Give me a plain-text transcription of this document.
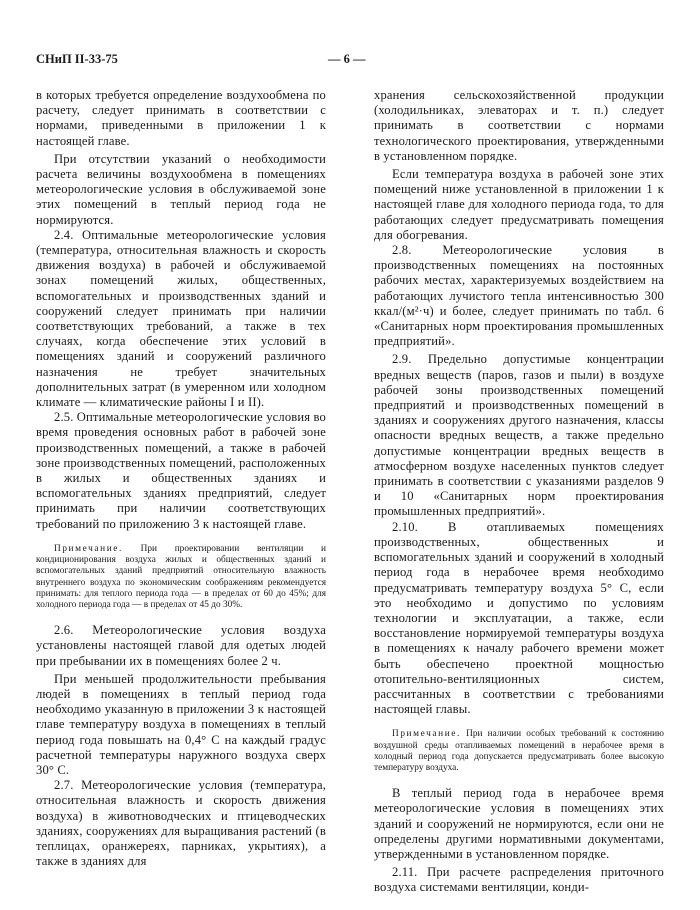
СНиП II-33-75	— 6 —

в которых требуется определение воздухообмена по расчету, следует принимать в соответствии с нормами, приведенными в приложении 1 к настоящей главе.

При отсутствии указаний о необходимости расчета величины воздухообмена в помещениях метеорологические условия в обслуживаемой зоне этих помещений в теплый период года не нормируются.

2.4. Оптимальные метеорологические условия (температура, относительная влажность и скорость движения воздуха) в рабочей и обслуживаемой зонах помещений жилых, общественных, вспомогательных и производственных зданий и сооружений следует принимать при наличии соответствующих требований, а также в тех случаях, когда обеспечение этих условий в помещениях зданий и сооружений различного назначения не требует значительных дополнительных затрат (в умеренном или холодном климате — климатические районы I и II).

2.5. Оптимальные метеорологические условия во время проведения основных работ в рабочей зоне производственных помещений, а также в рабочей зоне производственных помещений, расположенных в жилых и общественных зданиях и вспомогательных зданиях предприятий, следует принимать при наличии соответствующих требований по приложению 3 к настоящей главе.

Примечание. При проектировании вентиляции и кондиционирования воздуха жилых и общественных зданий и вспомогательных зданий предприятий относительную влажность внутреннего воздуха по экономическим соображениям рекомендуется принимать: для теплого периода года — в пределах от 60 до 45%; для холодного периода года — в пределах от 45 до 30%.

2.6. Метеорологические условия воздуха установлены настоящей главой для одетых людей при пребывании их в помещениях более 2 ч.

При меньшей продолжительности пребывания людей в помещениях в теплый период года необходимо указанную в приложении 3 к настоящей главе температуру воздуха в помещениях в теплый период года повышать на 0,4° С на каждый градус расчетной температуры наружного воздуха сверх 30° С.

2.7. Метеорологические условия (температура, относительная влажность и скорость движения воздуха) в животноводческих и птицеводческих зданиях, сооружениях для выращивания растений (в теплицах, оранжереях, парниках, укрытиях), а также в зданиях для

хранения сельскохозяйственной продукции (холодильниках, элеваторах и т. п.) следует принимать в соответствии с нормами технологического проектирования, утвержденными в установленном порядке.

Если температура воздуха в рабочей зоне этих помещений ниже установленной в приложении 1 к настоящей главе для холодного периода года, то для работающих следует предусматривать помещения для обогревания.

2.8. Метеорологические условия в производственных помещениях на постоянных рабочих местах, характеризуемых воздействием на работающих лучистого тепла интенсивностью 300 ккал/(м²·ч) и более, следует принимать по табл. 6 «Санитарных норм проектирования промышленных предприятий».

2.9. Предельно допустимые концентрации вредных веществ (паров, газов и пыли) в воздухе рабочей зоны производственных помещений предприятий и производственных помещений в зданиях и сооружениях другого назначения, классы опасности вредных веществ, а также предельно допустимые концентрации вредных веществ в атмосферном воздухе населенных пунктов следует принимать в соответствии с указаниями разделов 9 и 10 «Санитарных норм проектирования промышленных предприятий».

2.10. В отапливаемых помещениях производственных, общественных и вспомогательных зданий и сооружений в холодный период года в нерабочее время необходимо предусматривать температуру воздуха 5° С, если это необходимо и допустимо по условиям технологии и эксплуатации, а также, если восстановление нормируемой температуры воздуха в помещениях к началу рабочего времени может быть обеспечено проектной мощностью отопительно-вентиляционных систем, рассчитанных в соответствии с требованиями настоящей главы.

Примечание. При наличии особых требований к состоянию воздушной среды отапливаемых помещений в нерабочее время в холодный период года допускается предусматривать более высокую температуру воздуха.

В теплый период года в нерабочее время метеорологические условия в помещениях этих зданий и сооружений не нормируются, если они не определены другими нормативными документами, утвержденными в установленном порядке.

2.11. При расчете распределения приточного воздуха системами вентиляции, конди-
